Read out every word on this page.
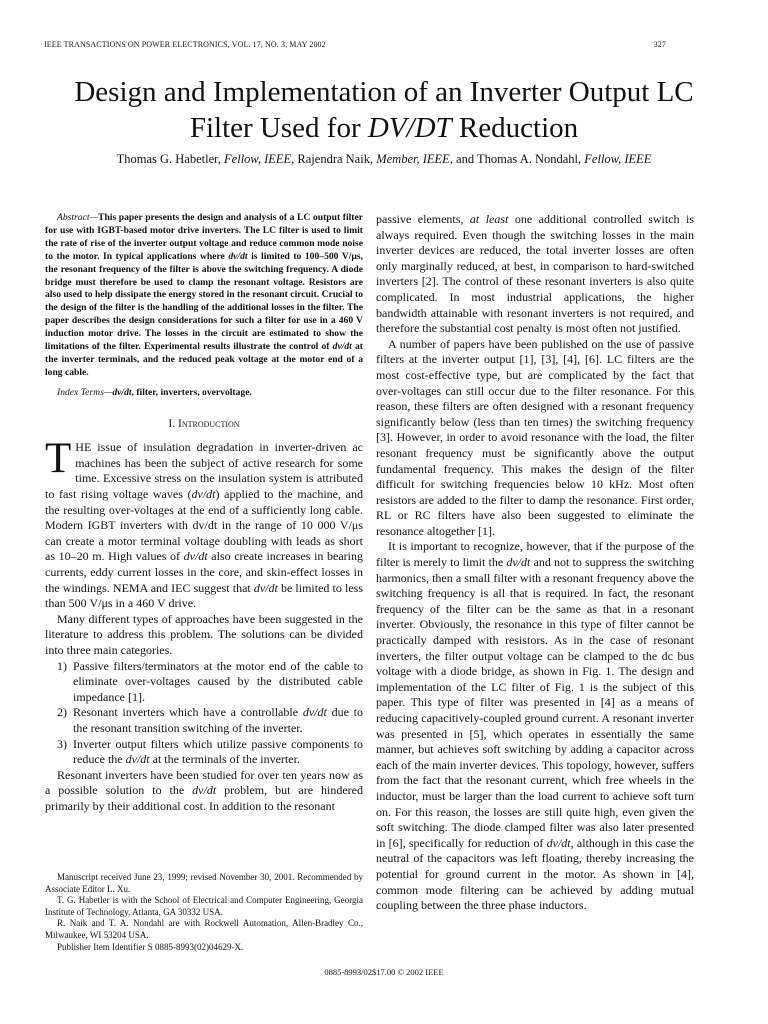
IEEE TRANSACTIONS ON POWER ELECTRONICS, VOL. 17, NO. 3, MAY 2002	327
Design and Implementation of an Inverter Output LC
Filter Used for DV/DT Reduction
Thomas G. Habetler, Fellow, IEEE, Rajendra Naik, Member, IEEE, and Thomas A. Nondahl, Fellow, IEEE

Abstract—This paper presents the design and analysis of a LC output filter for use with IGBT-based motor drive inverters. The LC filter is used to limit the rate of rise of the inverter output voltage and reduce common mode noise to the motor. In typical applications where dv/dt is limited to 100–500 V/μs, the resonant frequency of the filter is above the switching frequency. A diode bridge must therefore be used to clamp the resonant voltage. Resistors are also used to help dissipate the energy stored in the resonant circuit. Crucial to the design of the filter is the handling of the additional losses in the filter. The paper describes the design considerations for such a filter for use in a 460 V induction motor drive. The losses in the circuit are estimated to show the limitations of the filter. Experimental results illustrate the control of dv/dt at the inverter terminals, and the reduced peak voltage at the motor end of a long cable.

Index Terms—dv/dt, filter, inverters, overvoltage.

I. Introduction

THE issue of insulation degradation in inverter-driven ac machines has been the subject of active research for some time. Excessive stress on the insulation system is attributed to fast rising voltage waves (dv/dt) applied to the machine, and the resulting over-voltages at the end of a sufficiently long cable. Modern IGBT inverters with dv/dt in the range of 10 000 V/μs can create a motor terminal voltage doubling with leads as short as 10–20 m. High values of dv/dt also create increases in bearing currents, eddy current losses in the core, and skin-effect losses in the windings. NEMA and IEC suggest that dv/dt be limited to less than 500 V/μs in a 460 V drive.

Many different types of approaches have been suggested in the literature to address this problem. The solutions can be divided into three main categories.

1) Passive filters/terminators at the motor end of the cable to eliminate over-voltages caused by the distributed cable impedance [1].
2) Resonant inverters which have a controllable dv/dt due to the resonant transition switching of the inverter.
3) Inverter output filters which utilize passive components to reduce the dv/dt at the terminals of the inverter.

Resonant inverters have been studied for over ten years now as a possible solution to the dv/dt problem, but are hindered primarily by their additional cost. In addition to the resonant

Manuscript received June 23, 1999; revised November 30, 2001. Recommended by Associate Editor L. Xu.

T. G. Habetler is with the School of Electrical and Computer Engineering, Georgia Institute of Technology, Atlanta, GA 30332 USA.

R. Naik and T. A. Nondahl are with Rockwell Automation, Allen-Bradley Co., Milwaukee, WI 53204 USA.

Publisher Item Identifier S 0885-8993(02)04629-X.

passive elements, at least one additional controlled switch is always required. Even though the switching losses in the main inverter devices are reduced, the total inverter losses are often only marginally reduced, at best, in comparison to hard-switched inverters [2]. The control of these resonant inverters is also quite complicated. In most industrial applications, the higher bandwidth attainable with resonant inverters is not required, and therefore the substantial cost penalty is most often not justified.

A number of papers have been published on the use of passive filters at the inverter output [1], [3], [4], [6]. LC filters are the most cost-effective type, but are complicated by the fact that over-voltages can still occur due to the filter resonance. For this reason, these filters are often designed with a resonant frequency significantly below (less than ten times) the switching frequency [3]. However, in order to avoid resonance with the load, the filter resonant frequency must be significantly above the output fundamental frequency. This makes the design of the filter difficult for switching frequencies below 10 kHz. Most often resistors are added to the filter to damp the resonance. First order, RL or RC filters have also been suggested to eliminate the resonance altogether [1].

It is important to recognize, however, that if the purpose of the filter is merely to limit the dv/dt and not to suppress the switching harmonics, then a small filter with a resonant frequency above the switching frequency is all that is required. In fact, the resonant frequency of the filter can be the same as that in a resonant inverter. Obviously, the resonance in this type of filter cannot be practically damped with resistors. As in the case of resonant inverters, the filter output voltage can be clamped to the dc bus voltage with a diode bridge, as shown in Fig. 1. The design and implementation of the LC filter of Fig. 1 is the subject of this paper. This type of filter was presented in [4] as a means of reducing capacitively-coupled ground current. A resonant inverter was presented in [5], which operates in essentially the same manner, but achieves soft switching by adding a capacitor across each of the main inverter devices. This topology, however, suffers from the fact that the resonant current, which free wheels in the inductor, must be larger than the load current to achieve soft turn on. For this reason, the losses are still quite high, even given the soft switching. The diode clamped filter was also later presented in [6], specifically for reduction of dv/dt, although in this case the neutral of the capacitors was left floating, thereby increasing the potential for ground current in the motor. As shown in [4], common mode filtering can be achieved by adding mutual coupling between the three phase inductors.

0885-8993/02$17.00 © 2002 IEEE
